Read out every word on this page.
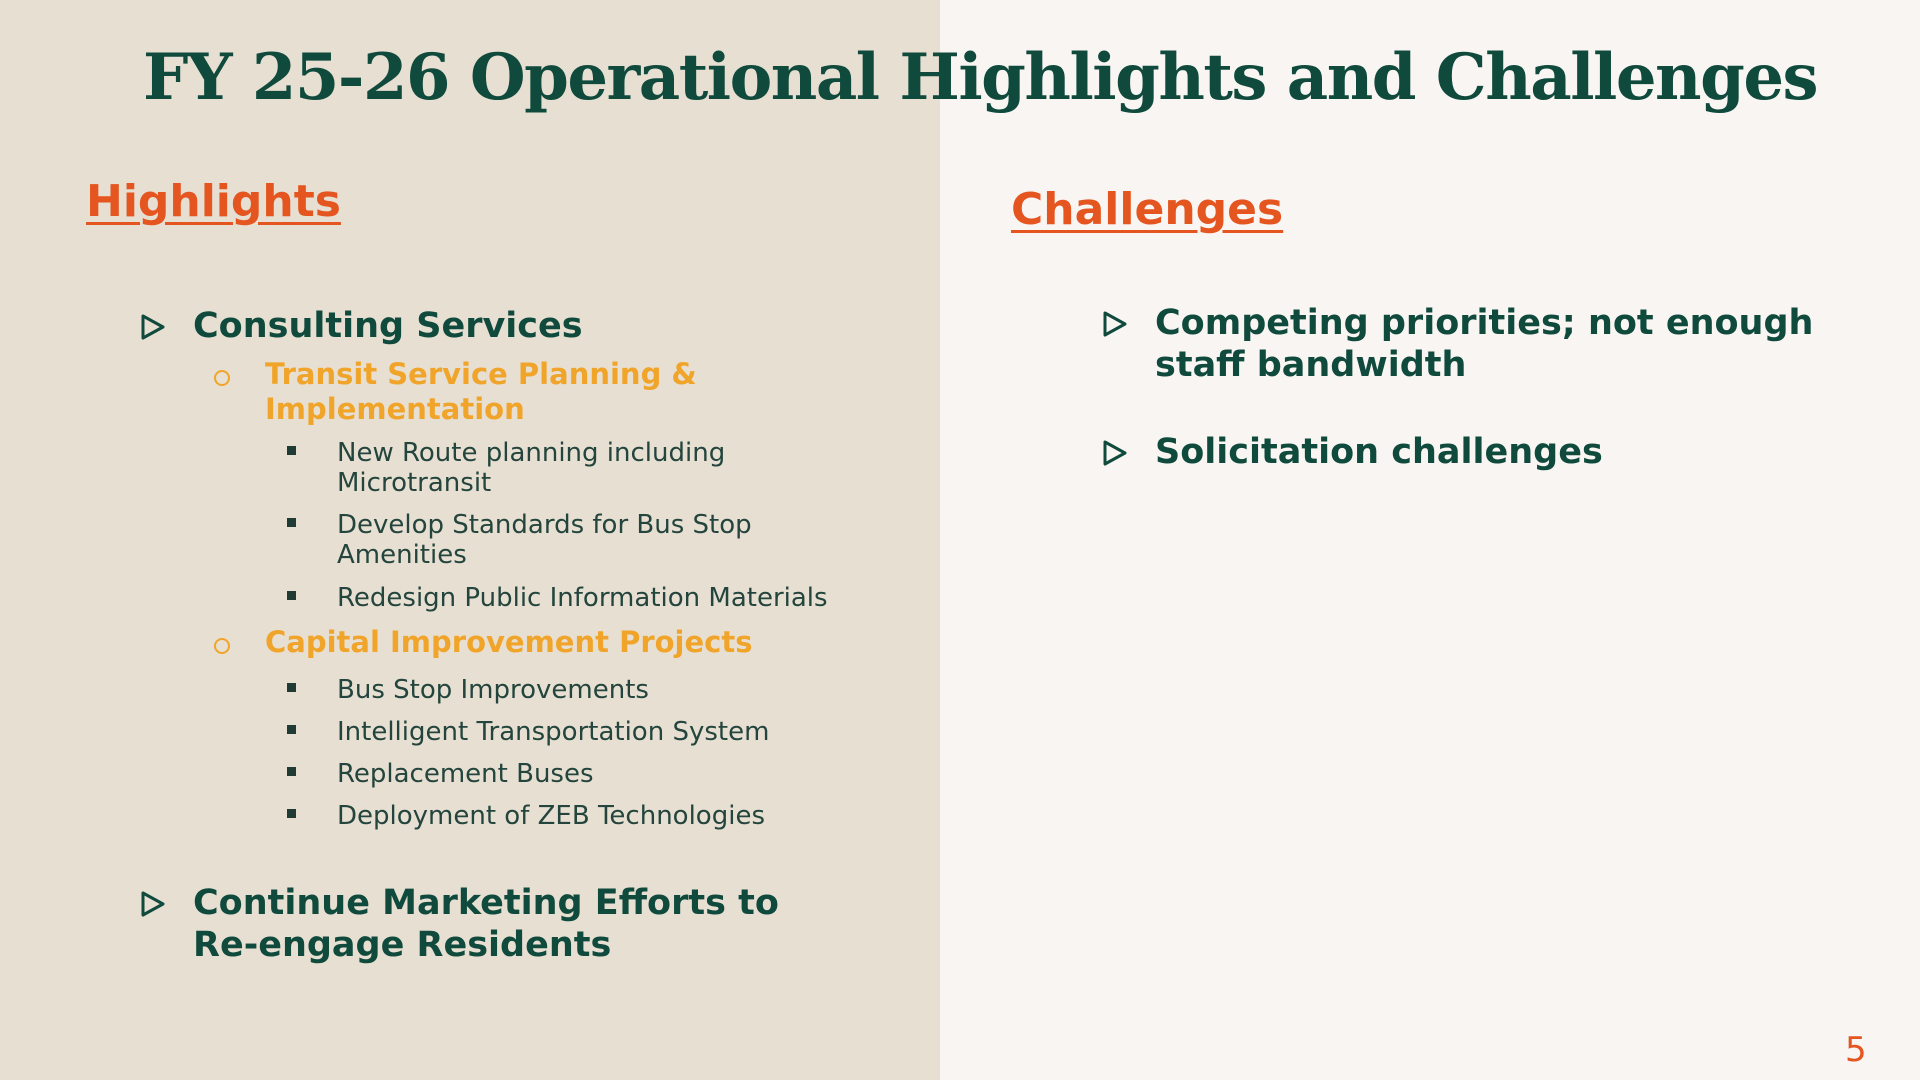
FY 25-26 Operational Highlights and Challenges
Highlights
Consulting Services
Transit Service Planning & Implementation
New Route planning including Microtransit
Develop Standards for Bus Stop Amenities
Redesign Public Information Materials
Capital Improvement Projects
Bus Stop Improvements
Intelligent Transportation System
Replacement Buses
Deployment of ZEB Technologies
Continue Marketing Efforts to Re-engage Residents
Challenges
Competing priorities; not enough staff bandwidth
Solicitation challenges
5
